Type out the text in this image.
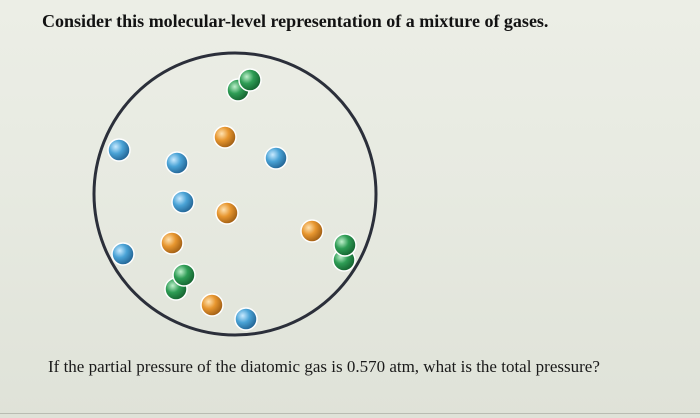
Consider this molecular-level representation of a mixture of gases.
If the partial pressure of the diatomic gas is 0.570 atm, what is the total pressure?
